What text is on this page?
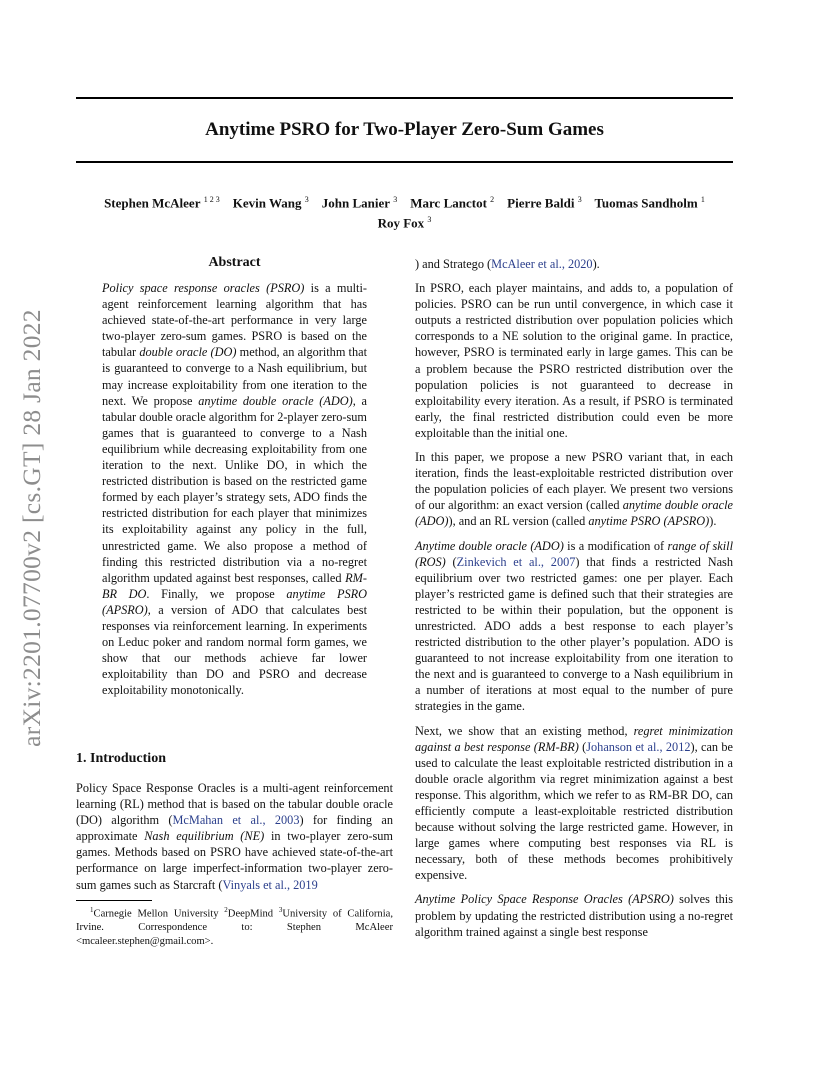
arXiv:2201.07700v2 [cs.GT] 28 Jan 2022
Anytime PSRO for Two-Player Zero-Sum Games
Stephen McAleer $^{1 2 3}$ Kevin Wang $^3$ John Lanier $^3$ Marc Lanctot $^2$ Pierre Baldi $^3$ Tuomas Sandholm $^1$
Roy Fox $^3$
Abstract

Policy space response oracles (PSRO) is a multi-agent reinforcement learning algorithm that has achieved state-of-the-art performance in very large two-player zero-sum games. PSRO is based on the tabular double oracle (DO) method, an algorithm that is guaranteed to converge to a Nash equilibrium, but may increase exploitability from one iteration to the next. We propose anytime double oracle (ADO), a tabular double oracle algorithm for 2-player zero-sum games that is guaranteed to converge to a Nash equilibrium while decreasing exploitability from one iteration to the next. Unlike DO, in which the restricted distribution is based on the restricted game formed by each player’s strategy sets, ADO finds the restricted distribution for each player that minimizes its exploitability against any policy in the full, unrestricted game. We also propose a method of finding this restricted distribution via a no-regret algorithm updated against best responses, called RM-BR DO. Finally, we propose anytime PSRO (APSRO), a version of ADO that calculates best responses via reinforcement learning. In experiments on Leduc poker and random normal form games, we show that our methods achieve far lower exploitability than DO and PSRO and decrease exploitability monotonically.

1. Introduction

Policy Space Response Oracles is a multi-agent reinforcement learning (RL) method that is based on the tabular double oracle (DO) algorithm (McMahan et al., 2003) for finding an approximate Nash equilibrium (NE) in two-player zero-sum games. Methods based on PSRO have achieved state-of-the-art performance on large imperfect-information two-player zero-sum games such as Starcraft (Vinyals et al., 2019

$^1$Carnegie Mellon University $^2$DeepMind $^3$University of California, Irvine. Correspondence to: Stephen McAleer <mcaleer.stephen@gmail.com>.

) and Stratego (McAleer et al., 2020).

In PSRO, each player maintains, and adds to, a population of policies. PSRO can be run until convergence, in which case it outputs a restricted distribution over population policies which corresponds to a NE solution to the original game. In practice, however, PSRO is terminated early in large games. This can be a problem because the PSRO restricted distribution over the population policies is not guaranteed to decrease in exploitability every iteration. As a result, if PSRO is terminated early, the final restricted distribution could even be more exploitable than the initial one.

In this paper, we propose a new PSRO variant that, in each iteration, finds the least-exploitable restricted distribution over the population policies of each player. We present two versions of our algorithm: an exact version (called anytime double oracle (ADO)), and an RL version (called anytime PSRO (APSRO)).

Anytime double oracle (ADO) is a modification of range of skill (ROS) (Zinkevich et al., 2007) that finds a restricted Nash equilibrium over two restricted games: one per player. Each player’s restricted game is defined such that their strategies are restricted to be within their population, but the opponent is unrestricted. ADO adds a best response to each player’s restricted distribution to the other player’s population. ADO is guaranteed to not increase exploitability from one iteration to the next and is guaranteed to converge to a Nash equilibrium in a number of iterations at most equal to the number of pure strategies in the game.

Next, we show that an existing method, regret minimization against a best response (RM-BR) (Johanson et al., 2012), can be used to calculate the least exploitable restricted distribution in a double oracle algorithm via regret minimization against a best response. This algorithm, which we refer to as RM-BR DO, can efficiently compute a least-exploitable restricted distribution because without solving the large restricted game. However, in large games where computing best responses via RL is necessary, both of these methods becomes prohibitively expensive.

Anytime Policy Space Response Oracles (APSRO) solves this problem by updating the restricted distribution using a no-regret algorithm trained against a single best response
